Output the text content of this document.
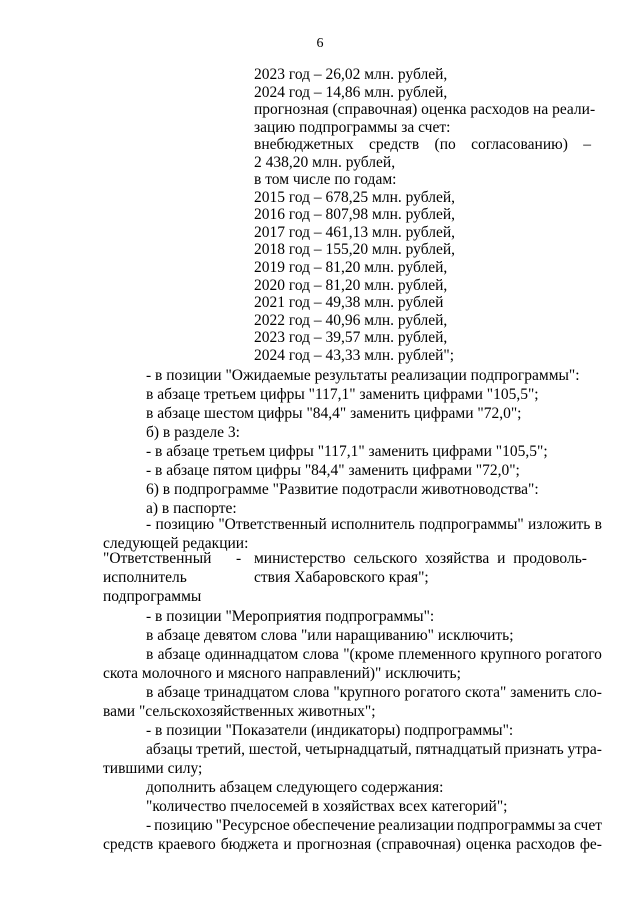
6
2023 год – 26,02 млн. рублей,
2024 год – 14,86 млн. рублей,
прогнозная (справочная) оценка расходов на реали-
зацию подпрограммы за счет:
внебюджетных средств (по согласованию) –
2 438,20 млн. рублей,
в том числе по годам:
2015 год – 678,25 млн. рублей,
2016 год – 807,98 млн. рублей,
2017 год – 461,13 млн. рублей,
2018 год – 155,20 млн. рублей,
2019 год – 81,20 млн. рублей,
2020 год – 81,20 млн. рублей,
2021 год – 49,38 млн. рублей
2022 год – 40,96 млн. рублей,
2023 год – 39,57 млн. рублей,
2024 год – 43,33 млн. рублей";
- в позиции "Ожидаемые результаты реализации подпрограммы":
в абзаце третьем цифры "117,1" заменить цифрами "105,5";
в абзаце шестом цифры "84,4" заменить цифрами "72,0";
б) в разделе 3:
- в абзаце третьем цифры "117,1" заменить цифрами "105,5";
- в абзаце пятом цифры "84,4" заменить цифрами "72,0";
6) в подпрограмме "Развитие подотрасли животноводства":
а) в паспорте:
- позицию "Ответственный исполнитель подпрограммы" изложить в
следующей редакции:
"Ответственный
исполнитель
подпрограммы
- министерство сельского хозяйства и продоволь-
ствия Хабаровского края";
- в позиции "Мероприятия подпрограммы":
в абзаце девятом слова "или наращиванию" исключить;
в абзаце одиннадцатом слова "(кроме племенного крупного рогатого
скота молочного и мясного направлений)" исключить;
в абзаце тринадцатом слова "крупного рогатого скота" заменить сло-
вами "сельскохозяйственных животных";
- в позиции "Показатели (индикаторы) подпрограммы":
абзацы третий, шестой, четырнадцатый, пятнадцатый признать утра-
тившими силу;
дополнить абзацем следующего содержания:
"количество пчелосемей в хозяйствах всех категорий";
- позицию "Ресурсное обеспечение реализации подпрограммы за счет
средств краевого бюджета и прогнозная (справочная) оценка расходов фе-
